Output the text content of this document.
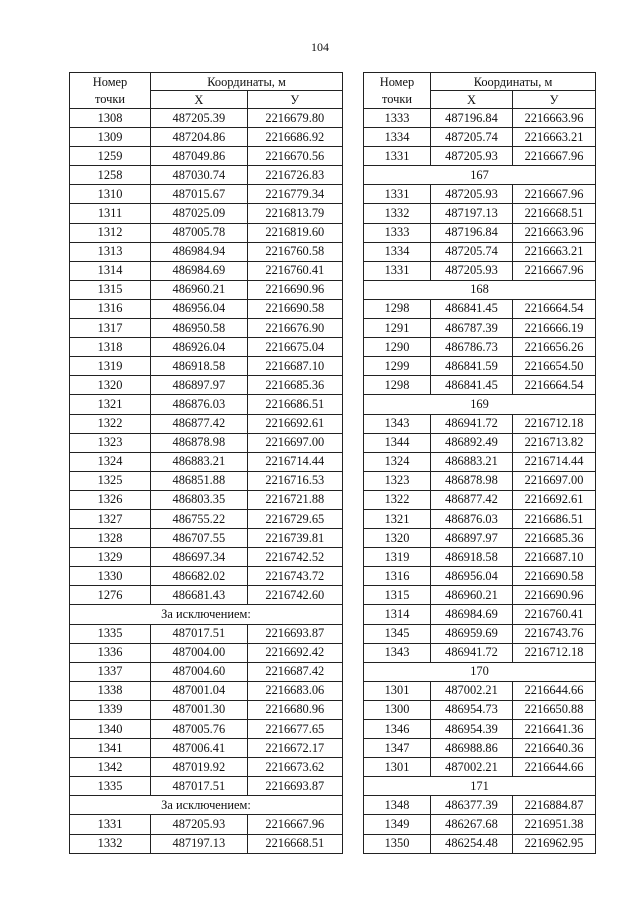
104
Номер
точки	Координаты, м	
	X	У
1308	487205.39	2216679.80
1309	487204.86	2216686.92
1259	487049.86	2216670.56
1258	487030.74	2216726.83
1310	487015.67	2216779.34
1311	487025.09	2216813.79
1312	487005.78	2216819.60
1313	486984.94	2216760.58
1314	486984.69	2216760.41
1315	486960.21	2216690.96
1316	486956.04	2216690.58
1317	486950.58	2216676.90
1318	486926.04	2216675.04
1319	486918.58	2216687.10
1320	486897.97	2216685.36
1321	486876.03	2216686.51
1322	486877.42	2216692.61
1323	486878.98	2216697.00
1324	486883.21	2216714.44
1325	486851.88	2216716.53
1326	486803.35	2216721.88
1327	486755.22	2216729.65
1328	486707.55	2216739.81
1329	486697.34	2216742.52
1330	486682.02	2216743.72
1276	486681.43	2216742.60
За исключением:		
1335	487017.51	2216693.87
1336	487004.00	2216692.42
1337	487004.60	2216687.42
1338	487001.04	2216683.06
1339	487001.30	2216680.96
1340	487005.76	2216677.65
1341	487006.41	2216672.17
1342	487019.92	2216673.62
1335	487017.51	2216693.87
За исключением:		
1331	487205.93	2216667.96
1332	487197.13	2216668.51
Номер
точки	Координаты, м	
	X	У
1333	487196.84	2216663.96
1334	487205.74	2216663.21
1331	487205.93	2216667.96
167		
1331	487205.93	2216667.96
1332	487197.13	2216668.51
1333	487196.84	2216663.96
1334	487205.74	2216663.21
1331	487205.93	2216667.96
168		
1298	486841.45	2216664.54
1291	486787.39	2216666.19
1290	486786.73	2216656.26
1299	486841.59	2216654.50
1298	486841.45	2216664.54
169		
1343	486941.72	2216712.18
1344	486892.49	2216713.82
1324	486883.21	2216714.44
1323	486878.98	2216697.00
1322	486877.42	2216692.61
1321	486876.03	2216686.51
1320	486897.97	2216685.36
1319	486918.58	2216687.10
1316	486956.04	2216690.58
1315	486960.21	2216690.96
1314	486984.69	2216760.41
1345	486959.69	2216743.76
1343	486941.72	2216712.18
170		
1301	487002.21	2216644.66
1300	486954.73	2216650.88
1346	486954.39	2216641.36
1347	486988.86	2216640.36
1301	487002.21	2216644.66
171		
1348	486377.39	2216884.87
1349	486267.68	2216951.38
1350	486254.48	2216962.95
